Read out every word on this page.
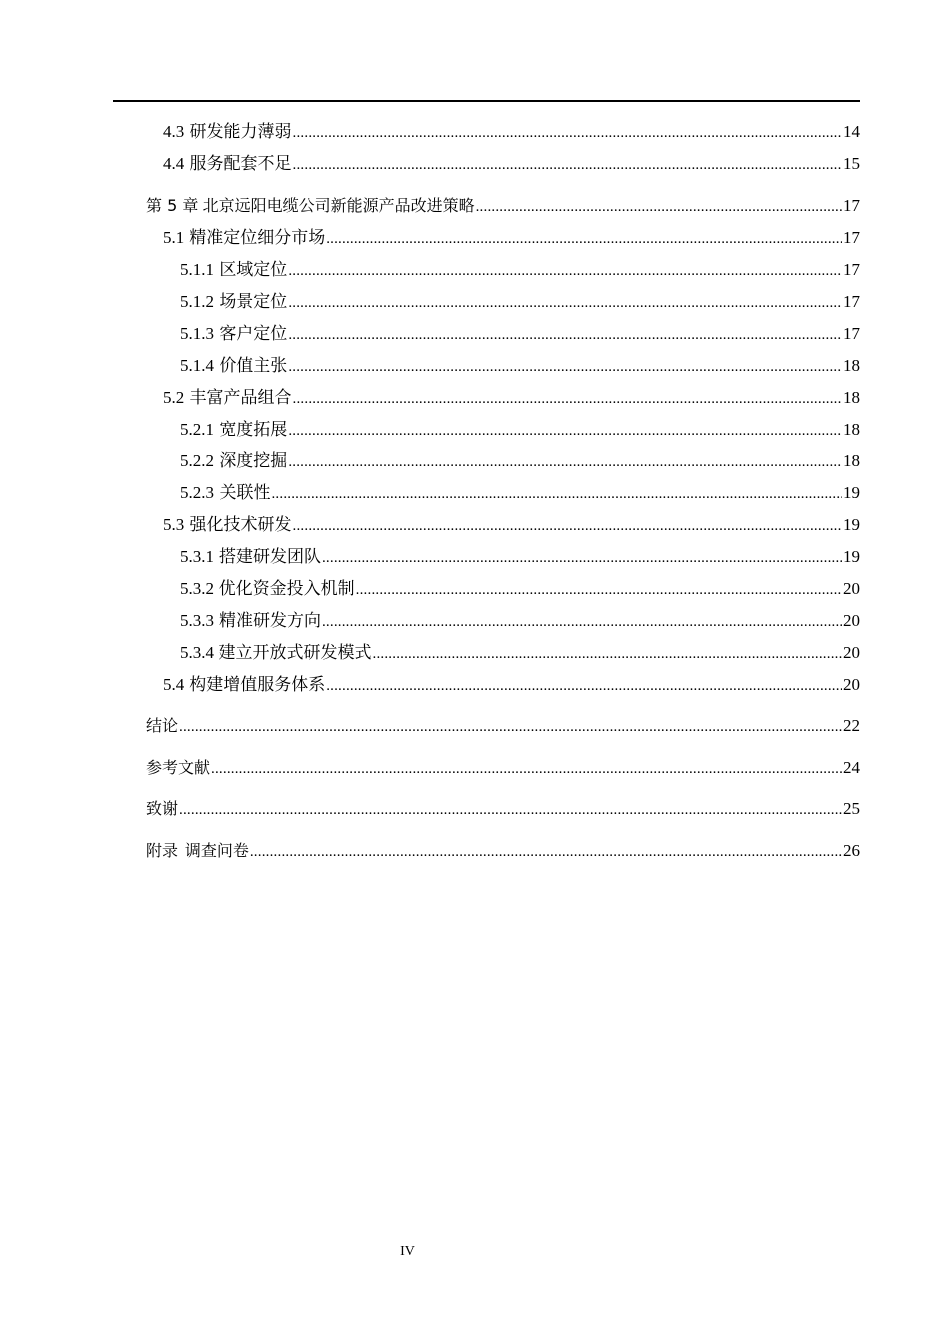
4.3 研发能力薄弱 .....	14
4.4 服务配套不足 .....	15
第 5 章 北京远阳电缆公司新能源产品改进策略 .....	17
5.1 精准定位细分市场 .....	17
5.1.1 区域定位 .....	17
5.1.2 场景定位 .....	17
5.1.3 客户定位 .....	17
5.1.4 价值主张 .....	18
5.2 丰富产品组合 .....	18
5.2.1 宽度拓展 .....	18
5.2.2 深度挖掘 .....	18
5.2.3 关联性 .....	19
5.3 强化技术研发 .....	19
5.3.1 搭建研发团队 .....	19
5.3.2 优化资金投入机制 .....	20
5.3.3 精准研发方向 .....	20
5.3.4 建立开放式研发模式 .....	20
5.4 构建增值服务体系 .....	20
结论 .....	22
参考文献 .....	24
致谢 .....	25
附录 调查问卷 .....	26
IV
